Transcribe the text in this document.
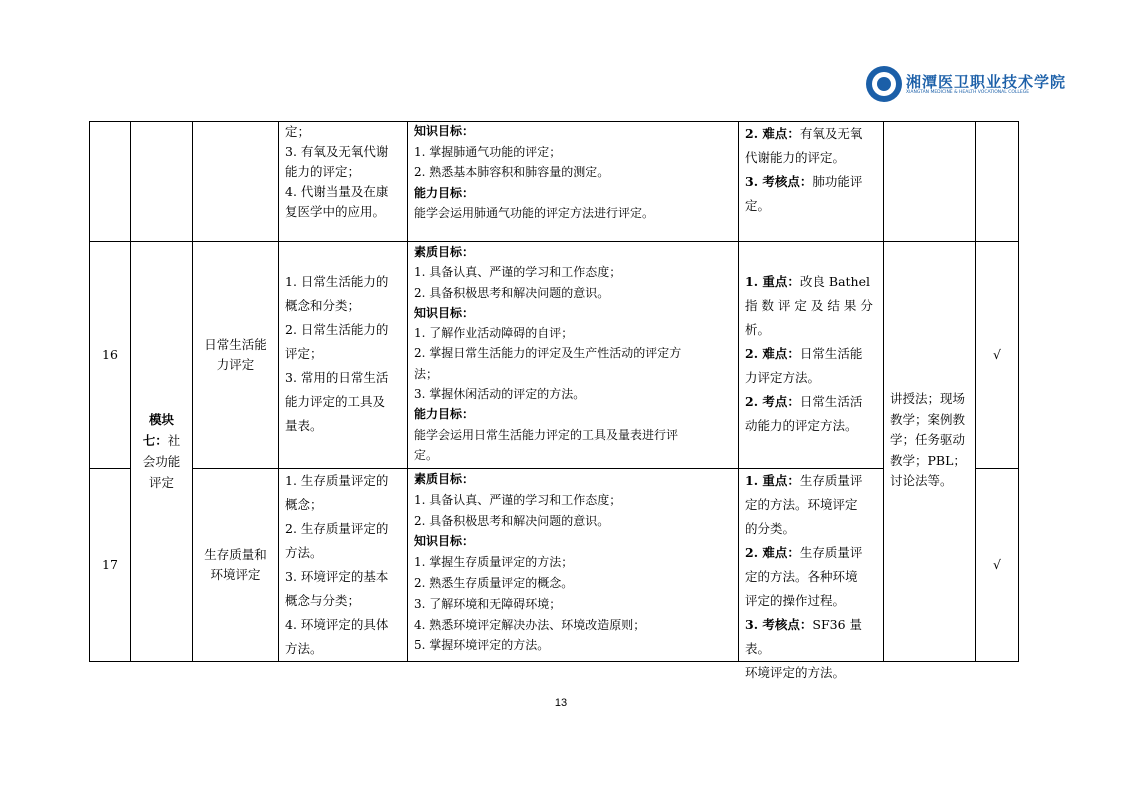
湘潭医卫职业技术学院
XIANGTAN MEDICINE & HEALTH VOCATIONAL COLLEGE
定；
3. 有氧及无氧代谢
能力的评定；
4. 代谢当量及在康
复医学中的应用。
知识目标：
1. 掌握肺通气功能的评定；
2. 熟悉基本肺容积和肺容量的测定。
能力目标：
能学会运用肺通气功能的评定方法进行评定。
2. 难点：有氧及无氧
代谢能力的评定。
3. 考核点：肺功能评
定。
16
日常生活能
力评定
1. 日常生活能力的
概念和分类；
2. 日常生活能力的
评定；
3. 常用的日常生活
能力评定的工具及
量表。
素质目标：
1. 具备认真、严谨的学习和工作态度；
2. 具备积极思考和解决问题的意识。
知识目标：
1. 了解作业活动障碍的自评；
2. 掌握日常生活能力的评定及生产性活动的评定方
法；
3. 掌握休闲活动的评定的方法。
能力目标：
能学会运用日常生活能力评定的工具及量表进行评
定。
1. 重点：改良 Bathel
指 数 评 定 及 结 果 分
析。
2. 难点：日常生活能
力评定方法。
2. 考点：日常生活活
动能力的评定方法。
√
模块
七：社
会功能
评定
讲授法；现场
教学；案例教
学；任务驱动
教学；PBL；
讨论法等。
17
生存质量和
环境评定
1. 生存质量评定的
概念；
2. 生存质量评定的
方法。
3. 环境评定的基本
概念与分类；
4. 环境评定的具体
方法。
素质目标：
1. 具备认真、严谨的学习和工作态度；
2. 具备积极思考和解决问题的意识。
知识目标：
1. 掌握生存质量评定的方法；
2. 熟悉生存质量评定的概念。
3. 了解环境和无障碍环境；
4. 熟悉环境评定解决办法、环境改造原则；
5. 掌握环境评定的方法。
1. 重点：生存质量评
定的方法。环境评定
的分类。
2. 难点：生存质量评
定的方法。各种环境
评定的操作过程。
3. 考核点：SF36 量表。
环境评定的方法。
√
13
